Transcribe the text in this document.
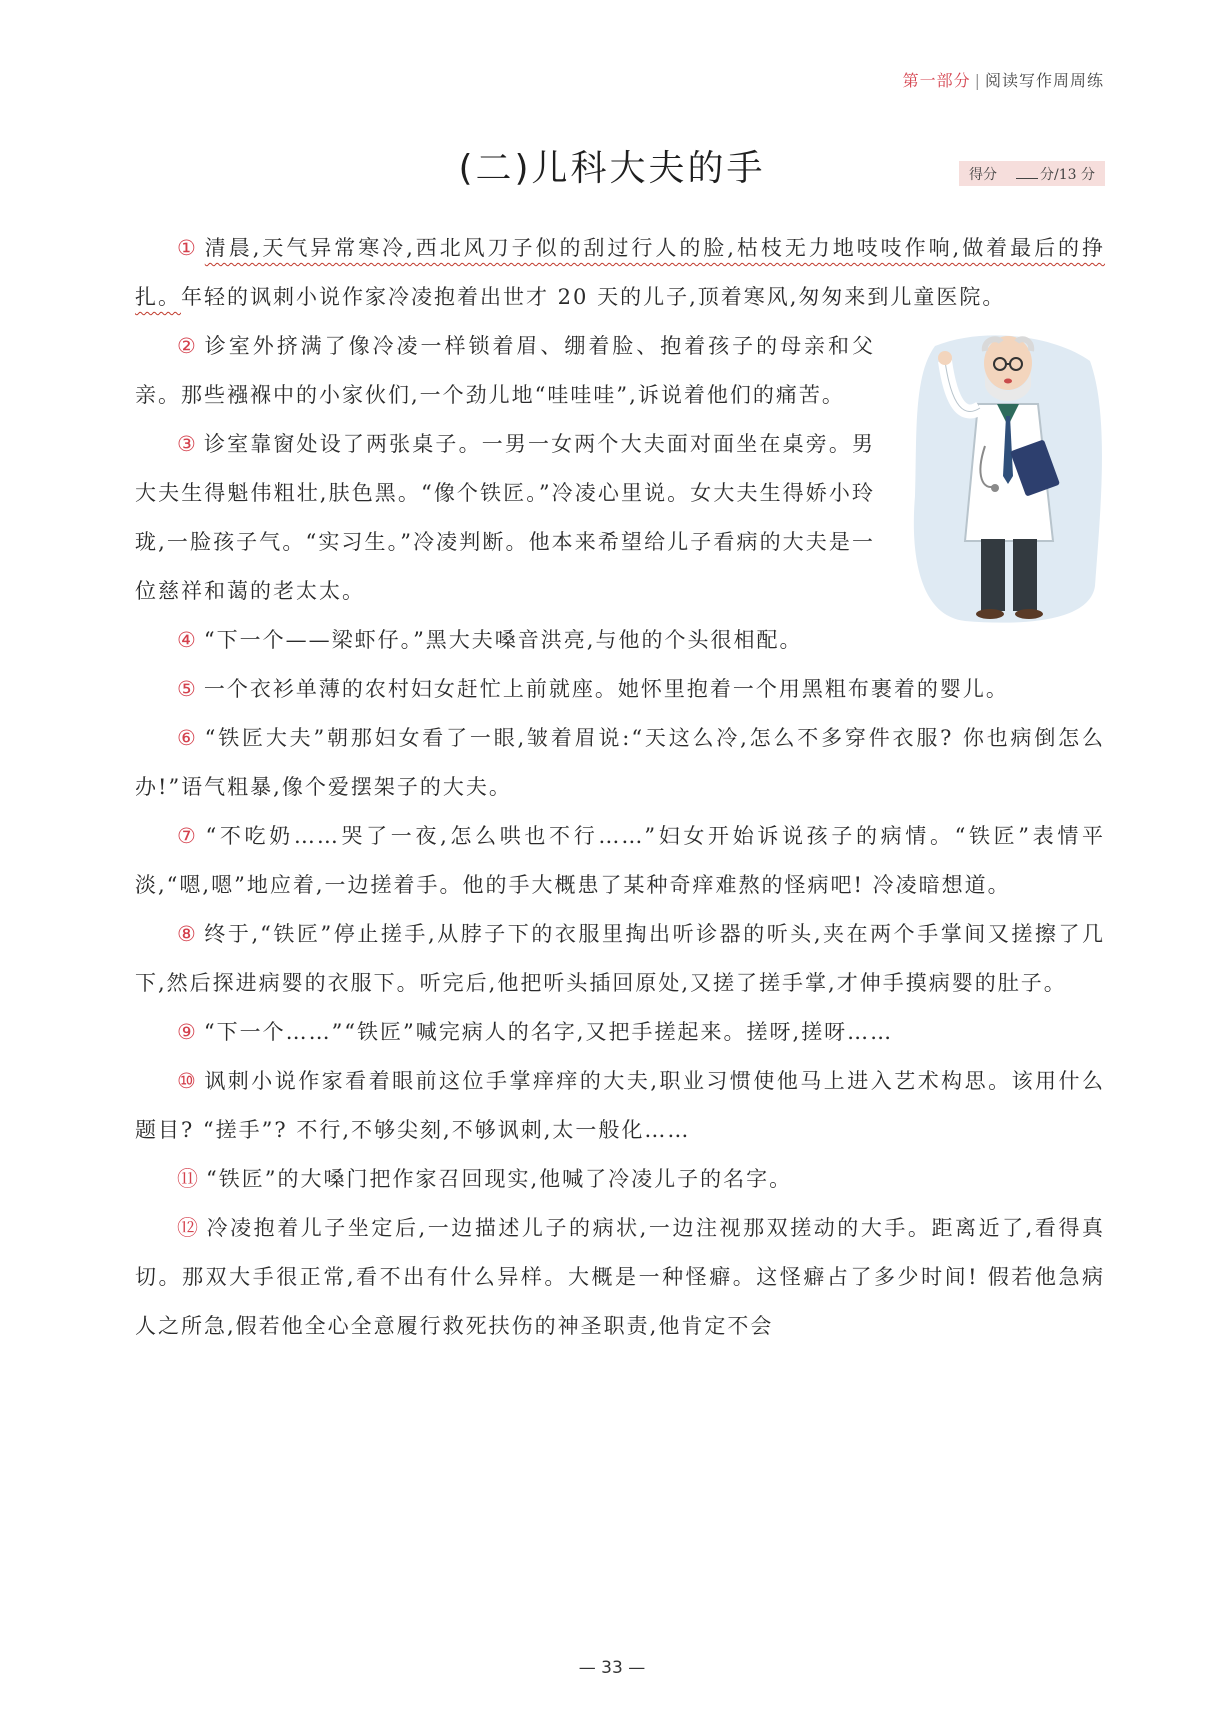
第一部分 | 阅读写作周周练
(二)儿科大夫的手	得分	分/13 分

① 清晨,天气异常寒冷,西北风刀子似的刮过行人的脸,枯枝无力地吱吱作响,做着最后的挣扎。年轻的讽刺小说作家冷凌抱着出世才 20 天的儿子,顶着寒风,匆匆来到儿童医院。

② 诊室外挤满了像冷凌一样锁着眉、绷着脸、抱着孩子的母亲和父亲。那些襁褓中的小家伙们,一个劲儿地“哇哇哇”,诉说着他们的痛苦。

③ 诊室靠窗处设了两张桌子。一男一女两个大夫面对面坐在桌旁。男大夫生得魁伟粗壮,肤色黑。“像个铁匠。”冷凌心里说。女大夫生得娇小玲珑,一脸孩子气。“实习生。”冷凌判断。他本来希望给儿子看病的大夫是一位慈祥和蔼的老太太。

④ “下一个——梁虾仔。”黑大夫嗓音洪亮,与他的个头很相配。

⑤ 一个衣衫单薄的农村妇女赶忙上前就座。她怀里抱着一个用黑粗布裹着的婴儿。

⑥ “铁匠大夫”朝那妇女看了一眼,皱着眉说:“天这么冷,怎么不多穿件衣服? 你也病倒怎么办!”语气粗暴,像个爱摆架子的大夫。

⑦ “不吃奶……哭了一夜,怎么哄也不行……”妇女开始诉说孩子的病情。“铁匠”表情平淡,“嗯,嗯”地应着,一边搓着手。他的手大概患了某种奇痒难熬的怪病吧! 冷凌暗想道。

⑧ 终于,“铁匠”停止搓手,从脖子下的衣服里掏出听诊器的听头,夹在两个手掌间又搓擦了几下,然后探进病婴的衣服下。听完后,他把听头插回原处,又搓了搓手掌,才伸手摸病婴的肚子。

⑨ “下一个……”“铁匠”喊完病人的名字,又把手搓起来。搓呀,搓呀……

⑩ 讽刺小说作家看着眼前这位手掌痒痒的大夫,职业习惯使他马上进入艺术构思。该用什么题目? “搓手”? 不行,不够尖刻,不够讽刺,太一般化……

⑪ “铁匠”的大嗓门把作家召回现实,他喊了冷凌儿子的名字。

⑫ 冷凌抱着儿子坐定后,一边描述儿子的病状,一边注视那双搓动的大手。距离近了,看得真切。那双大手很正常,看不出有什么异样。大概是一种怪癖。这怪癖占了多少时间! 假若他急病人之所急,假若他全心全意履行救死扶伤的神圣职责,他肯定不会

— 33 —
